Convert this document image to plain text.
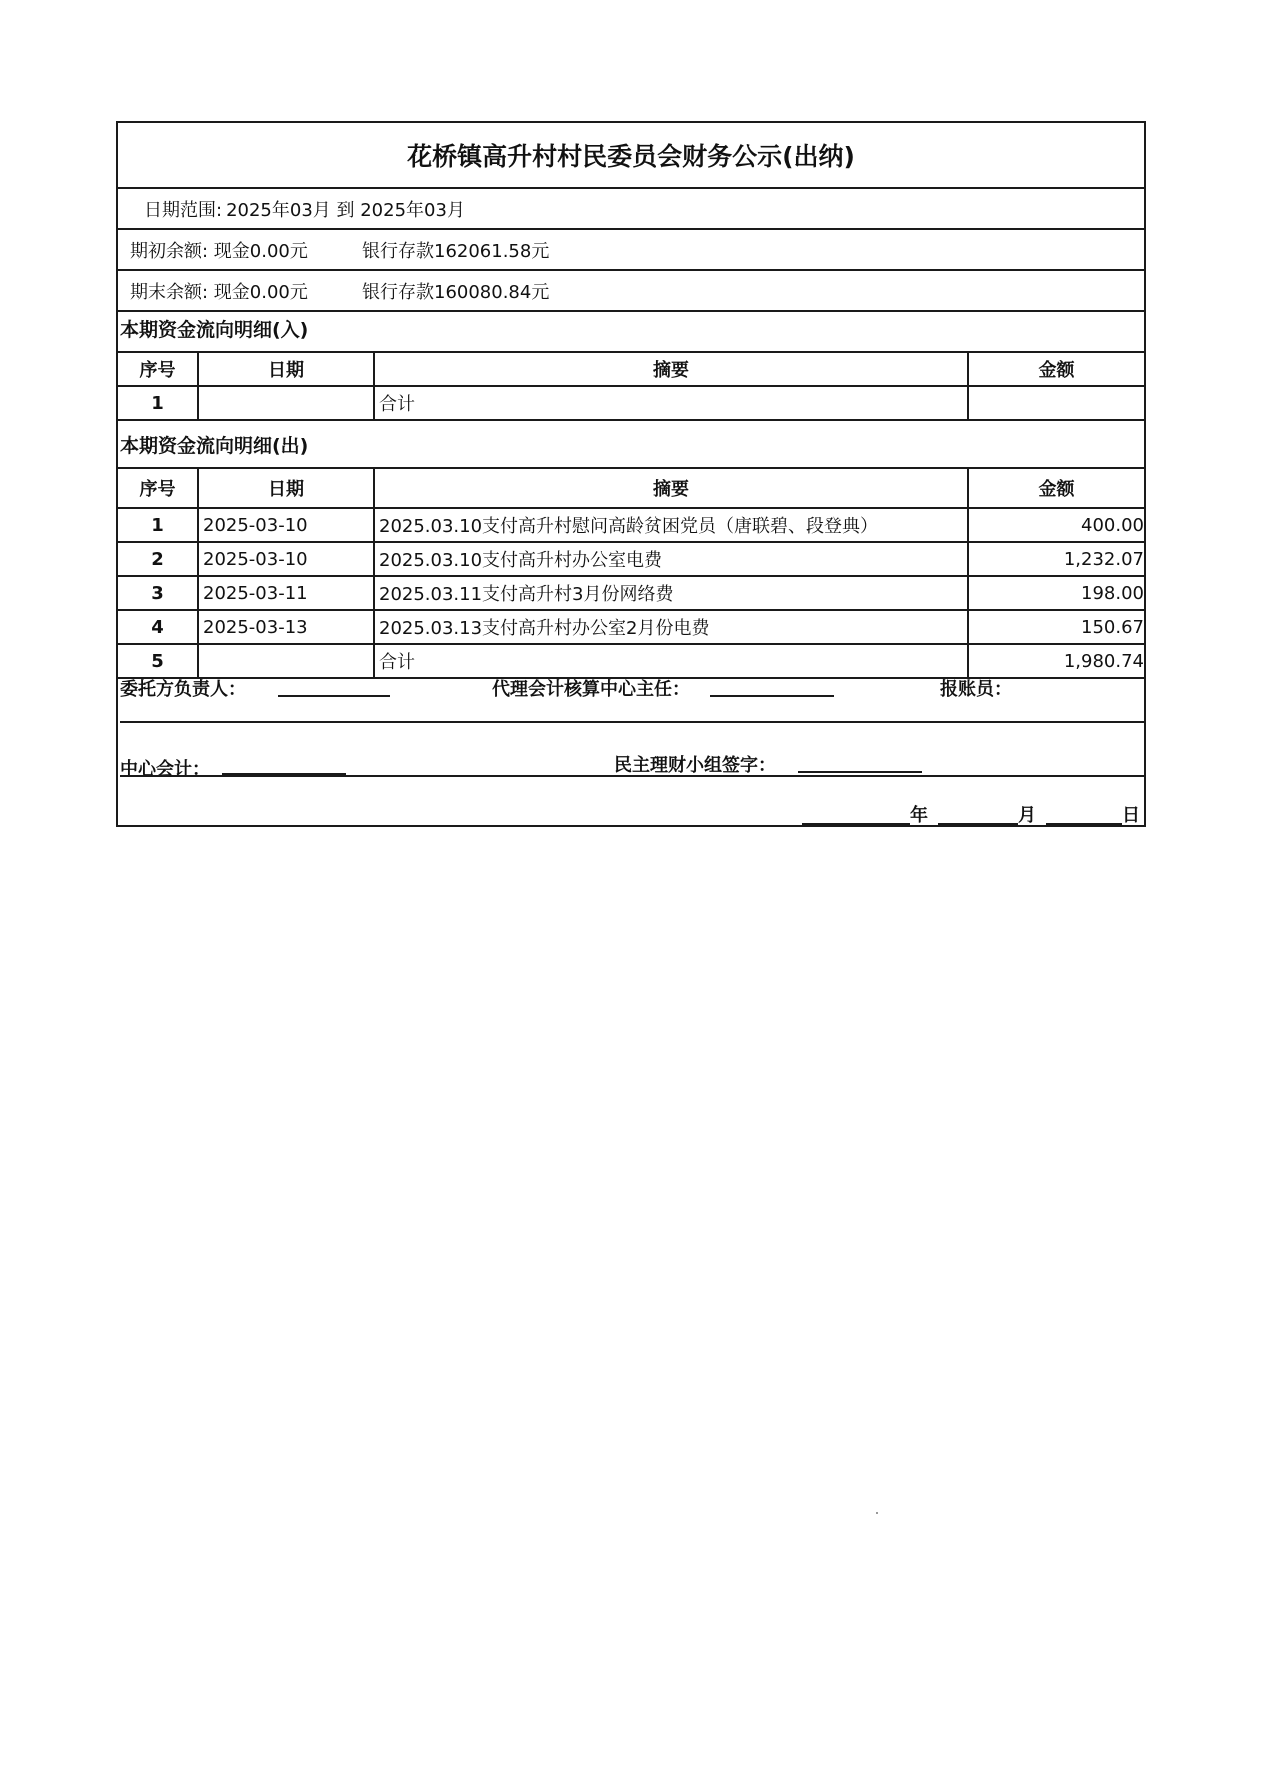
花桥镇高升村村民委员会财务公示(出纳)
日期范围: 2025年03月 到 2025年03月
期初余额: 现金0.00元	银行存款162061.58元
期末余额: 现金0.00元	银行存款160080.84元
本期资金流向明细(入)
序号	日期	摘要	金额
1		合计	
本期资金流向明细(出)
序号	日期	摘要	金额
1	2025-03-10	2025.03.10支付高升村慰问高龄贫困党员（唐联碧、段登典）	400.00
2	2025-03-10	2025.03.10支付高升村办公室电费	1,232.07
3	2025-03-11	2025.03.11支付高升村3月份网络费	198.00
4	2025-03-13	2025.03.13支付高升村办公室2月份电费	150.67
5		合计	1,980.74
委托方负责人：	代理会计核算中心主任：	报账员：
中心会计：	民主理财小组签字：
年	月	日
